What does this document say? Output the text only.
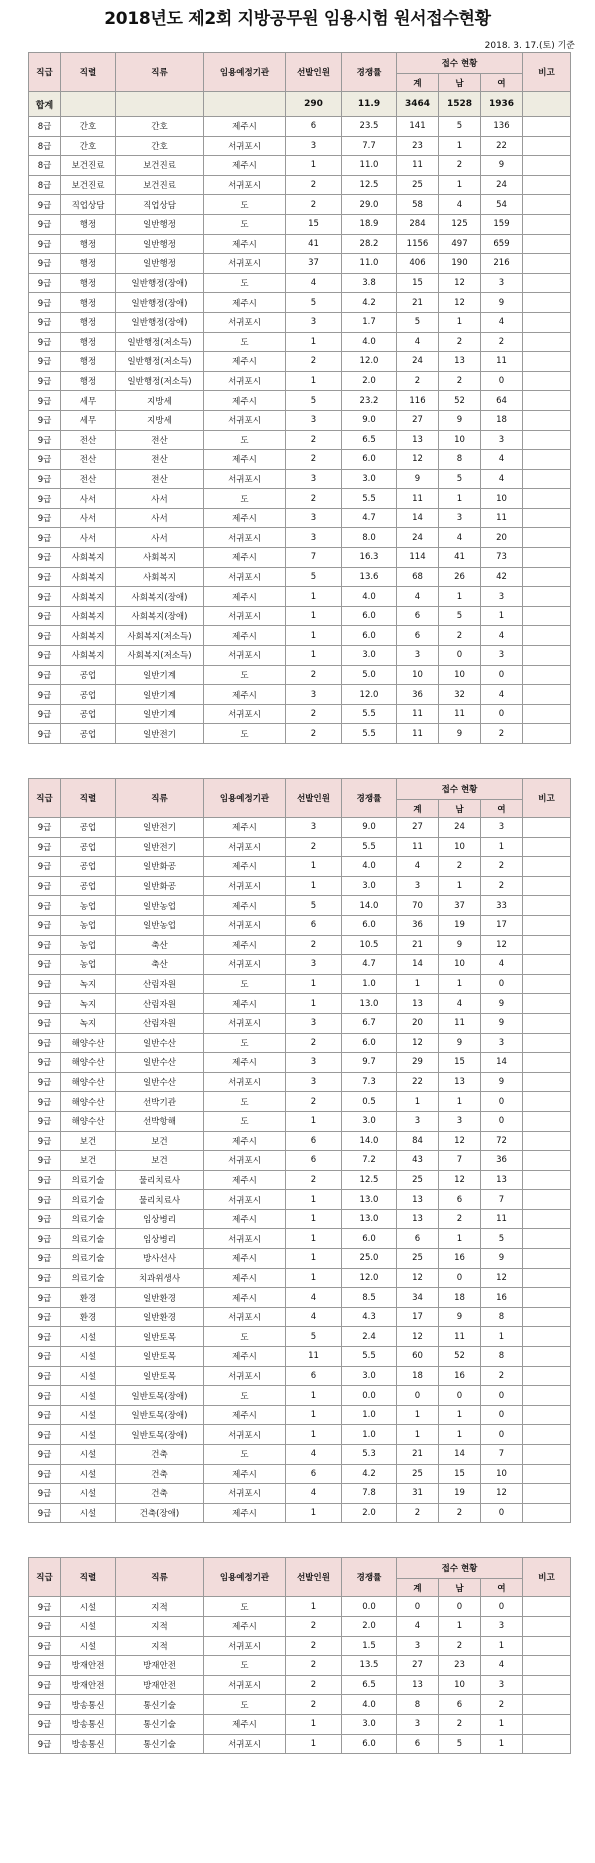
2018년도 제2회 지방공무원 임용시험 원서접수현황
2018. 3. 17.(토) 기준
직급	직렬	직류	임용예정기관	선발인원	경쟁률	접수 현황			비고
						계	남	여	
합계				290	11.9	3464	1528	1936	
8급	간호	간호	제주시	6	23.5	141	5	136	
8급	간호	간호	서귀포시	3	7.7	23	1	22	
8급	보건진료	보건진료	제주시	1	11.0	11	2	9	
8급	보건진료	보건진료	서귀포시	2	12.5	25	1	24	
9급	직업상담	직업상담	도	2	29.0	58	4	54	
9급	행정	일반행정	도	15	18.9	284	125	159	
9급	행정	일반행정	제주시	41	28.2	1156	497	659	
9급	행정	일반행정	서귀포시	37	11.0	406	190	216	
9급	행정	일반행정(장애)	도	4	3.8	15	12	3	
9급	행정	일반행정(장애)	제주시	5	4.2	21	12	9	
9급	행정	일반행정(장애)	서귀포시	3	1.7	5	1	4	
9급	행정	일반행정(저소득)	도	1	4.0	4	2	2	
9급	행정	일반행정(저소득)	제주시	2	12.0	24	13	11	
9급	행정	일반행정(저소득)	서귀포시	1	2.0	2	2	0	
9급	세무	지방세	제주시	5	23.2	116	52	64	
9급	세무	지방세	서귀포시	3	9.0	27	9	18	
9급	전산	전산	도	2	6.5	13	10	3	
9급	전산	전산	제주시	2	6.0	12	8	4	
9급	전산	전산	서귀포시	3	3.0	9	5	4	
9급	사서	사서	도	2	5.5	11	1	10	
9급	사서	사서	제주시	3	4.7	14	3	11	
9급	사서	사서	서귀포시	3	8.0	24	4	20	
9급	사회복지	사회복지	제주시	7	16.3	114	41	73	
9급	사회복지	사회복지	서귀포시	5	13.6	68	26	42	
9급	사회복지	사회복지(장애)	제주시	1	4.0	4	1	3	
9급	사회복지	사회복지(장애)	서귀포시	1	6.0	6	5	1	
9급	사회복지	사회복지(저소득)	제주시	1	6.0	6	2	4	
9급	사회복지	사회복지(저소득)	서귀포시	1	3.0	3	0	3	
9급	공업	일반기계	도	2	5.0	10	10	0	
9급	공업	일반기계	제주시	3	12.0	36	32	4	
9급	공업	일반기계	서귀포시	2	5.5	11	11	0	
9급	공업	일반전기	도	2	5.5	11	9	2	
직급	직렬	직류	임용예정기관	선발인원	경쟁률	접수 현황			비고
						계	남	여	
9급	공업	일반전기	제주시	3	9.0	27	24	3	
9급	공업	일반전기	서귀포시	2	5.5	11	10	1	
9급	공업	일반화공	제주시	1	4.0	4	2	2	
9급	공업	일반화공	서귀포시	1	3.0	3	1	2	
9급	농업	일반농업	제주시	5	14.0	70	37	33	
9급	농업	일반농업	서귀포시	6	6.0	36	19	17	
9급	농업	축산	제주시	2	10.5	21	9	12	
9급	농업	축산	서귀포시	3	4.7	14	10	4	
9급	녹지	산림자원	도	1	1.0	1	1	0	
9급	녹지	산림자원	제주시	1	13.0	13	4	9	
9급	녹지	산림자원	서귀포시	3	6.7	20	11	9	
9급	해양수산	일반수산	도	2	6.0	12	9	3	
9급	해양수산	일반수산	제주시	3	9.7	29	15	14	
9급	해양수산	일반수산	서귀포시	3	7.3	22	13	9	
9급	해양수산	선박기관	도	2	0.5	1	1	0	
9급	해양수산	선박항해	도	1	3.0	3	3	0	
9급	보건	보건	제주시	6	14.0	84	12	72	
9급	보건	보건	서귀포시	6	7.2	43	7	36	
9급	의료기술	물리치료사	제주시	2	12.5	25	12	13	
9급	의료기술	물리치료사	서귀포시	1	13.0	13	6	7	
9급	의료기술	임상병리	제주시	1	13.0	13	2	11	
9급	의료기술	임상병리	서귀포시	1	6.0	6	1	5	
9급	의료기술	방사선사	제주시	1	25.0	25	16	9	
9급	의료기술	치과위생사	제주시	1	12.0	12	0	12	
9급	환경	일반환경	제주시	4	8.5	34	18	16	
9급	환경	일반환경	서귀포시	4	4.3	17	9	8	
9급	시설	일반토목	도	5	2.4	12	11	1	
9급	시설	일반토목	제주시	11	5.5	60	52	8	
9급	시설	일반토목	서귀포시	6	3.0	18	16	2	
9급	시설	일반토목(장애)	도	1	0.0	0	0	0	
9급	시설	일반토목(장애)	제주시	1	1.0	1	1	0	
9급	시설	일반토목(장애)	서귀포시	1	1.0	1	1	0	
9급	시설	건축	도	4	5.3	21	14	7	
9급	시설	건축	제주시	6	4.2	25	15	10	
9급	시설	건축	서귀포시	4	7.8	31	19	12	
9급	시설	건축(장애)	제주시	1	2.0	2	2	0	
직급	직렬	직류	임용예정기관	선발인원	경쟁률	접수 현황			비고
						계	남	여	
9급	시설	지적	도	1	0.0	0	0	0	
9급	시설	지적	제주시	2	2.0	4	1	3	
9급	시설	지적	서귀포시	2	1.5	3	2	1	
9급	방재안전	방재안전	도	2	13.5	27	23	4	
9급	방재안전	방재안전	서귀포시	2	6.5	13	10	3	
9급	방송통신	통신기술	도	2	4.0	8	6	2	
9급	방송통신	통신기술	제주시	1	3.0	3	2	1	
9급	방송통신	통신기술	서귀포시	1	6.0	6	5	1	
